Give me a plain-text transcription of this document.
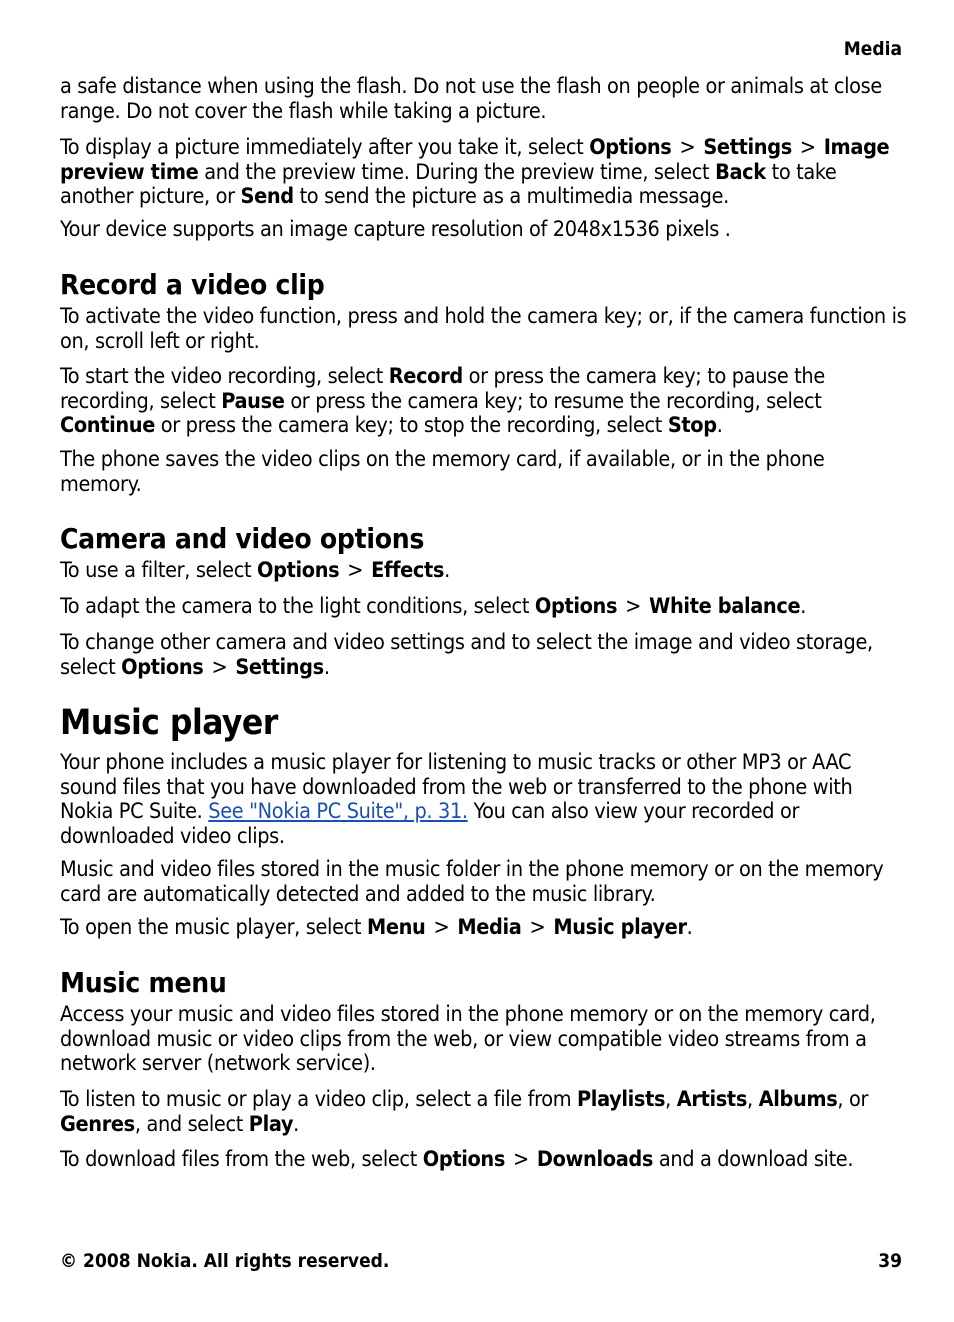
Media

a safe distance when using the flash. Do not use the flash on people or animals at close range. Do not cover the flash while taking a picture.

To display a picture immediately after you take it, select Options > Settings > Image preview time and the preview time. During the preview time, select Back to take another picture, or Send to send the picture as a multimedia message.

Your device supports an image capture resolution of 2048x1536 pixels .

Record a video clip

To activate the video function, press and hold the camera key; or, if the camera function is on, scroll left or right.

To start the video recording, select Record or press the camera key; to pause the recording, select Pause or press the camera key; to resume the recording, select Continue or press the camera key; to stop the recording, select Stop.

The phone saves the video clips on the memory card, if available, or in the phone memory.

Camera and video options

To use a filter, select Options > Effects.

To adapt the camera to the light conditions, select Options > White balance.

To change other camera and video settings and to select the image and video storage, select Options > Settings.

Music player

Your phone includes a music player for listening to music tracks or other MP3 or AAC sound files that you have downloaded from the web or transferred to the phone with Nokia PC Suite. See "Nokia PC Suite", p. 31. You can also view your recorded or downloaded video clips.

Music and video files stored in the music folder in the phone memory or on the memory card are automatically detected and added to the music library.

To open the music player, select Menu > Media > Music player.

Music menu

Access your music and video files stored in the phone memory or on the memory card, download music or video clips from the web, or view compatible video streams from a network server (network service).

To listen to music or play a video clip, select a file from Playlists, Artists, Albums, or Genres, and select Play.

To download files from the web, select Options > Downloads and a download site.

© 2008 Nokia. All rights reserved.	39
